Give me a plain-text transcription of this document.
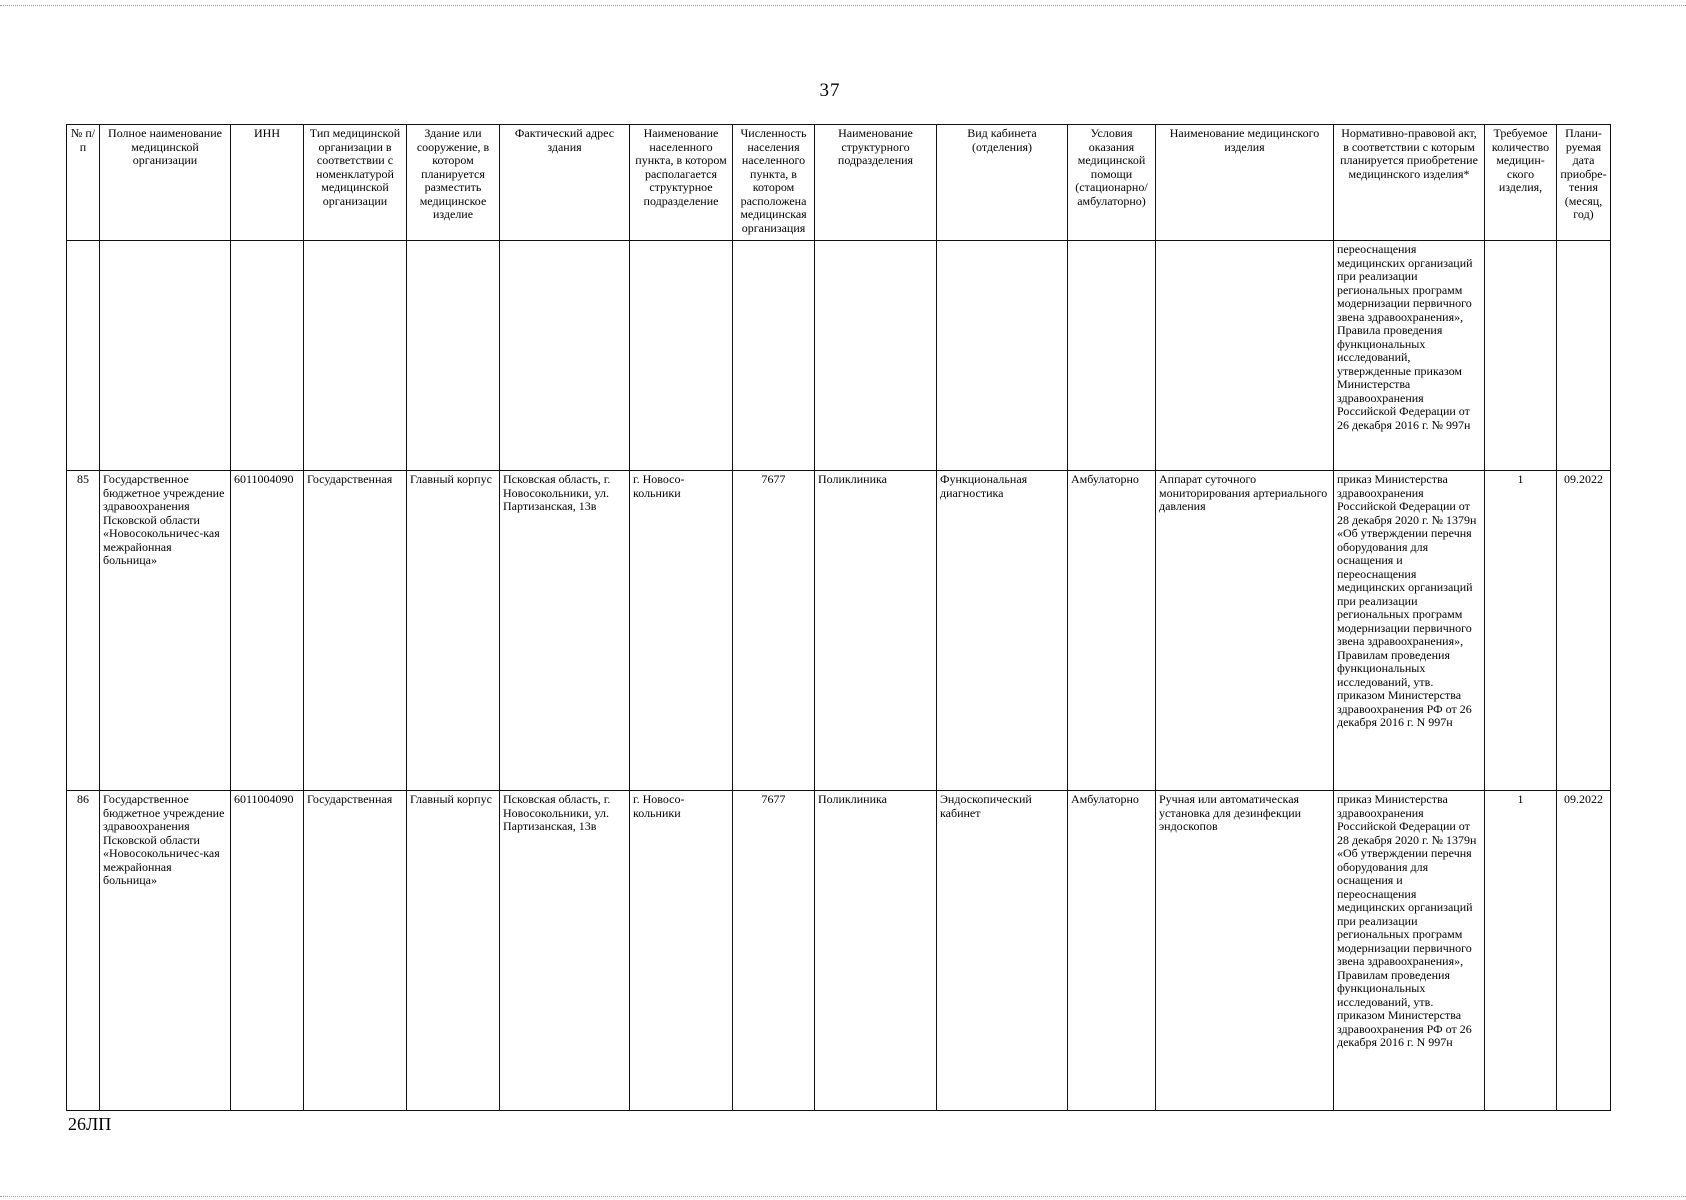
37
№ п/п	Полное наименование медицинской организации	ИНН	Тип медицинской организации в соответствии с номенклатурой медицинской организации	Здание или сооружение, в котором планируется разместить медицинское изделие	Фактический адрес здания	Наименование населенного пункта, в котором располагается структурное подразделение	Численность населения населенного пункта, в котором расположена медицинская организация	Наименование структурного подразделения	Вид кабинета (отделения)	Условия оказания медицинской помощи (стационарно/ амбулаторно)	Наименование медицинского изделия	Нормативно-правовой акт, в соответствии с которым планируется приобретение медицинского изделия*	Требуемое количество медицин-ского изделия,	Плани-руемая дата приобре-тения (месяц, год)
												переоснащения медицинских организаций при реализации региональных программ модернизации первичного звена здравоохранения», Правила проведения функциональных исследований, утвержденные приказом Министерства здравоохранения Российской Федерации от 26 декабря 2016 г. № 997н		
85	Государственное бюджетное учреждение здравоохранения Псковской области «Новосокольничес-кая межрайонная больница»	6011004090	Государственная	Главный корпус	Псковская область, г. Новосокольники, ул. Партизанская, 13в	г. Новосо-кольники	7677	Поликлиника	Функциональная диагностика	Амбулаторно	Аппарат суточного мониторирования артериального давления	приказ Министерства здравоохранения Российской Федерации от 28 декабря 2020 г. № 1379н «Об утверждении перечня оборудования для оснащения и переоснащения медицинских организаций при реализации региональных программ модернизации первичного звена здравоохранения», Правилам проведения функциональных исследований, утв. приказом Министерства здравоохранения РФ от 26 декабря 2016 г. N 997н	1	09.2022
86	Государственное бюджетное учреждение здравоохранения Псковской области «Новосокольничес-кая межрайонная больница»	6011004090	Государственная	Главный корпус	Псковская область, г. Новосокольники, ул. Партизанская, 13в	г. Новосо-кольники	7677	Поликлиника	Эндоскопический кабинет	Амбулаторно	Ручная или автоматическая установка для дезинфекции эндоскопов	приказ Министерства здравоохранения Российской Федерации от 28 декабря 2020 г. № 1379н «Об утверждении перечня оборудования для оснащения и переоснащения медицинских организаций при реализации региональных программ модернизации первичного звена здравоохранения», Правилам проведения функциональных исследований, утв. приказом Министерства здравоохранения РФ от 26 декабря 2016 г. N 997н	1	09.2022
26ЛП
